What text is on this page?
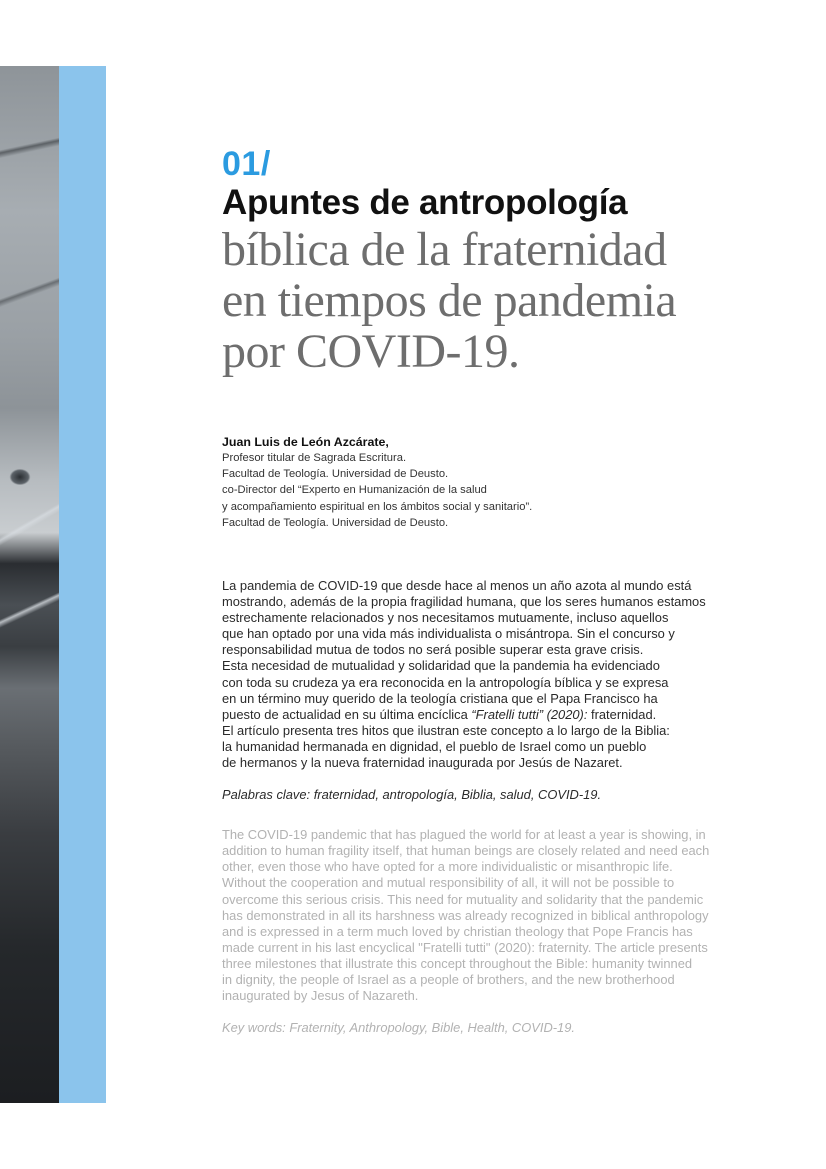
01/
Apuntes de antropología
bíblica de la fraternidad
en tiempos de pandemia
por COVID-19.
Juan Luis de León Azcárate,
Profesor titular de Sagrada Escritura.
Facultad de Teología. Universidad de Deusto.
co-Director del “Experto en Humanización de la salud
y acompañamiento espiritual en los ámbitos social y sanitario”.
Facultad de Teología. Universidad de Deusto.
La pandemia de COVID-19 que desde hace al menos un año azota al mundo está
mostrando, además de la propia fragilidad humana, que los seres humanos estamos
estrechamente relacionados y nos necesitamos mutuamente, incluso aquellos
que han optado por una vida más individualista o misántropa. Sin el concurso y
responsabilidad mutua de todos no será posible superar esta grave crisis.
Esta necesidad de mutualidad y solidaridad que la pandemia ha evidenciado
con toda su crudeza ya era reconocida en la antropología bíblica y se expresa
en un término muy querido de la teología cristiana que el Papa Francisco ha
puesto de actualidad en su última encíclica “Fratelli tutti” (2020): fraternidad.
El artículo presenta tres hitos que ilustran este concepto a lo largo de la Biblia:
la humanidad hermanada en dignidad, el pueblo de Israel como un pueblo
de hermanos y la nueva fraternidad inaugurada por Jesús de Nazaret.
Palabras clave: fraternidad, antropología, Biblia, salud, COVID-19.
The COVID-19 pandemic that has plagued the world for at least a year is showing, in
addition to human fragility itself, that human beings are closely related and need each
other, even those who have opted for a more individualistic or misanthropic life.
Without the cooperation and mutual responsibility of all, it will not be possible to
overcome this serious crisis. This need for mutuality and solidarity that the pandemic
has demonstrated in all its harshness was already recognized in biblical anthropology
and is expressed in a term much loved by christian theology that Pope Francis has
made current in his last encyclical "Fratelli tutti" (2020): fraternity. The article presents
three milestones that illustrate this concept throughout the Bible: humanity twinned
in dignity, the people of Israel as a people of brothers, and the new brotherhood
inaugurated by Jesus of Nazareth.
Key words: Fraternity, Anthropology, Bible, Health, COVID-19.
